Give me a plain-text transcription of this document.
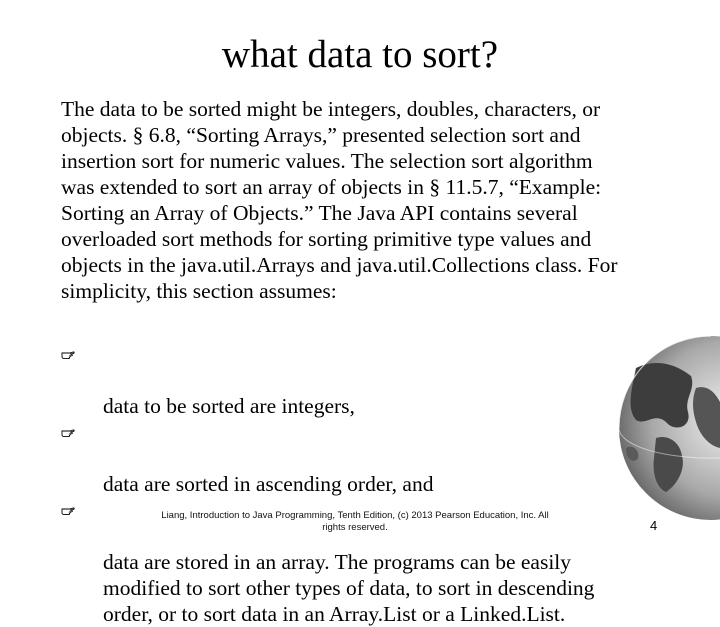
what data to sort?
The data to be sorted might be integers, doubles, characters, or
objects. § 6.8, “Sorting Arrays,” presented selection sort and
insertion sort for numeric values. The selection sort algorithm
was extended to sort an array of objects in § 11.5.7, “Example:
Sorting an Array of Objects.” The Java API contains several
overloaded sort methods for sorting primitive type values and
objects in the java.util.Arrays and java.util.Collections class. For
simplicity, this section assumes:

data to be sorted are integers,

data are sorted in ascending order, and

data are stored in an array. The programs can be easily
modified to sort other types of data, to sort in descending
order, or to sort data in an Array.List or a Linked.List.

Liang, Introduction to Java Programming, Tenth Edition, (c) 2013 Pearson Education, Inc. All
rights reserved.	4
